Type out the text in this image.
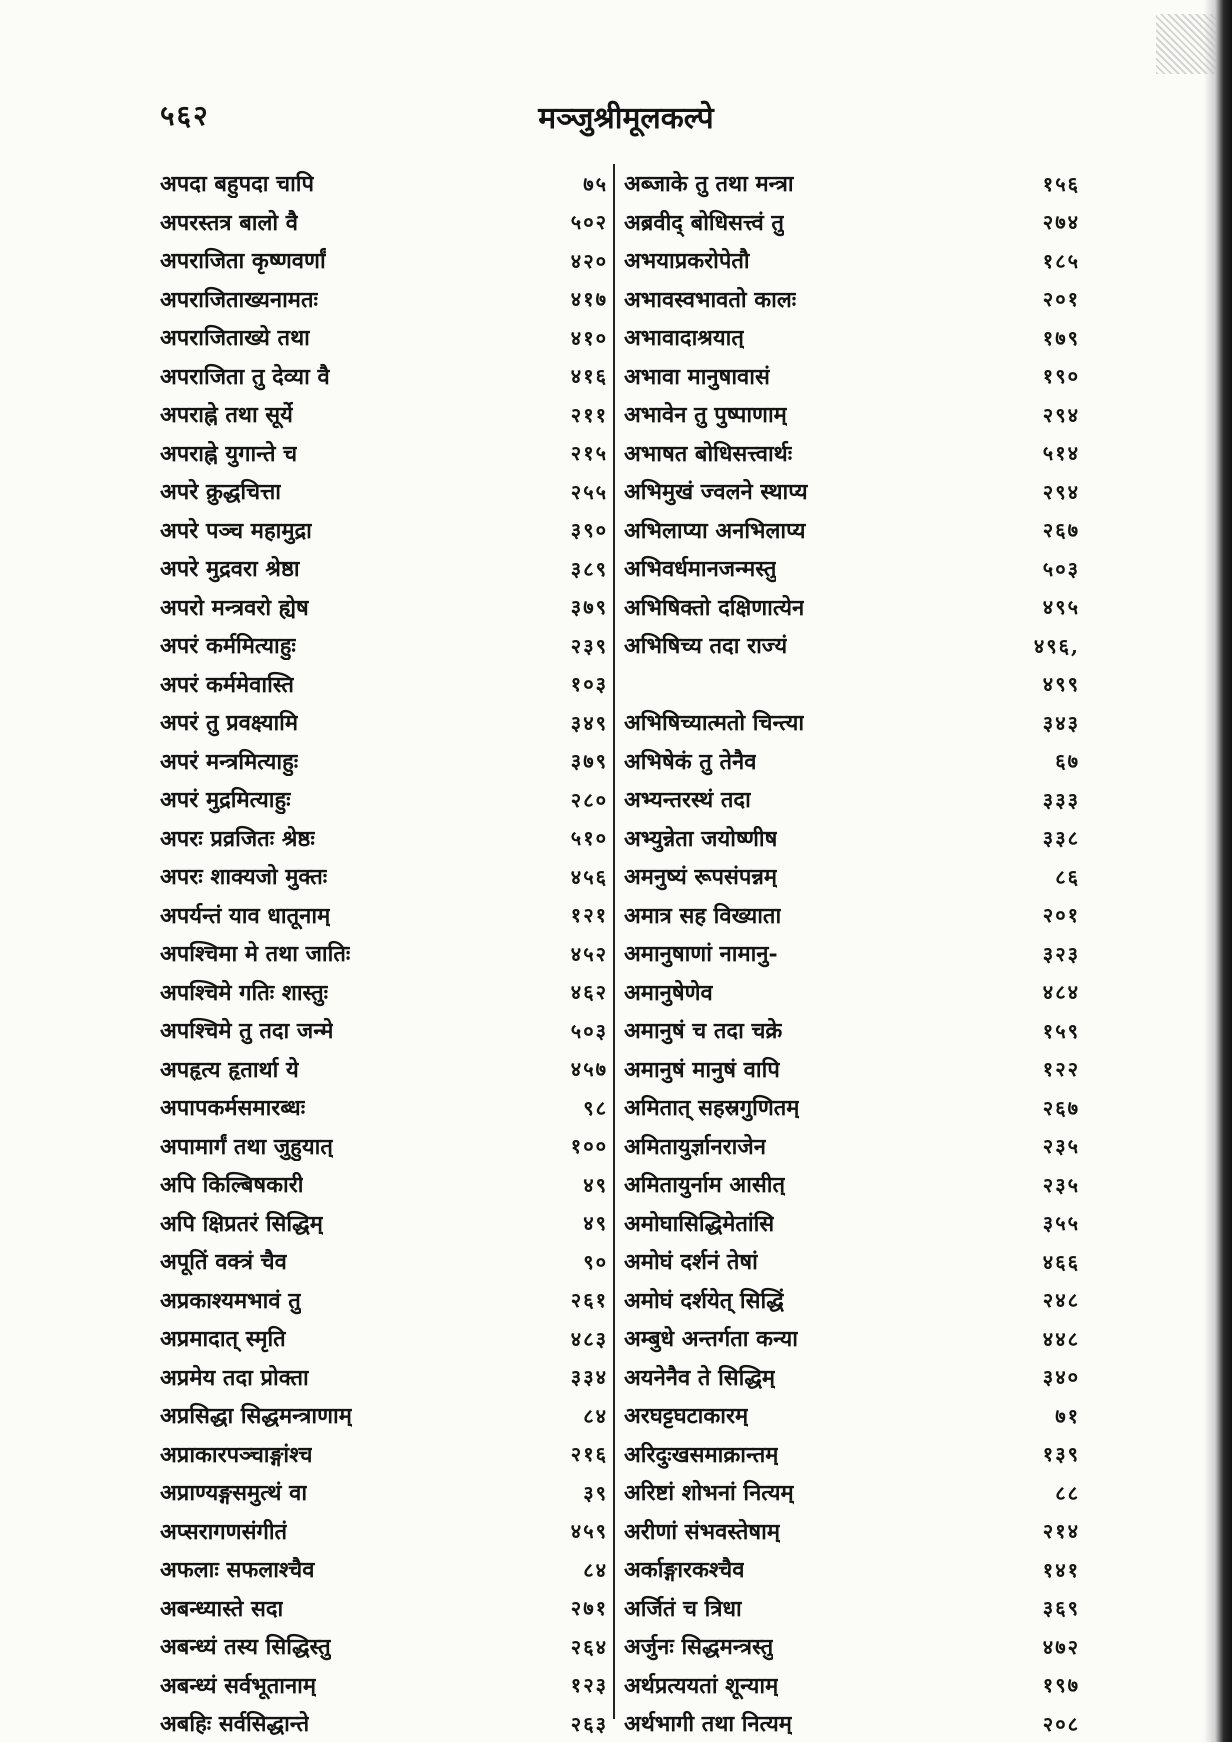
५६२	मञ्जुश्रीमूलकल्पे
अपदा बहुपदा चापि	७५
अपरस्तत्र बालो वै	५०२
अपराजिता कृष्णवर्णां	४२०
अपराजिताख्यनामतः	४१७
अपराजिताख्ये तथा	४१०
अपराजिता तु देव्या वै	४१६
अपराह्ने तथा सूर्ये	२११
अपराह्ने युगान्ते च	२१५
अपरे क्रुद्धचित्ता	२५५
अपरे पञ्च महामुद्रा	३९०
अपरे मुद्रवरा श्रेष्ठा	३८९
अपरो मन्त्रवरो ह्येष	३७९
अपरं कर्ममित्याहुः	२३९
अपरं कर्ममेवास्ति	१०३
अपरं तु प्रवक्ष्यामि	३४९
अपरं मन्त्रमित्याहुः	३७९
अपरं मुद्रमित्याहुः	२८०
अपरः प्रव्रजितः श्रेष्ठः	५१०
अपरः शाक्यजो मुक्तः	४५६
अपर्यन्तं याव धातूनाम्	१२१
अपश्चिमा मे तथा जातिः	४५२
अपश्चिमे गतिः शास्तुः	४६२
अपश्चिमे तु तदा जन्मे	५०३
अपहृत्य हृतार्था ये	४५७
अपापकर्मसमारब्धः	९८
अपामार्गं तथा जुहुयात्	१००
अपि किल्बिषकारी	४९
अपि क्षिप्रतरं सिद्धिम्	४९
अपूतिं वक्त्रं चैव	९०
अप्रकाश्यमभावं तु	२६१
अप्रमादात् स्मृति	४८३
अप्रमेय तदा प्रोक्ता	३३४
अप्रसिद्धा सिद्धमन्त्राणाम्	८४
अप्राकारपञ्चाङ्गांश्च	२१६
अप्राण्यङ्गसमुत्थं वा	३९
अप्सरागणसंगीतं	४५९
अफलाः सफलाश्चैव	८४
अबन्ध्यास्ते सदा	२७१
अबन्ध्यं तस्य सिद्धिस्तु	२६४
अबन्ध्यं सर्वभूतानाम्	१२३
अबहिः सर्वसिद्धान्ते	२६३
अब्जाके तु तथा मन्त्रा	१५६
अब्रवीद् बोधिसत्त्वं तु	२७४
अभयाप्रकरोपेतौ	१८५
अभावस्वभावतो कालः	२०१
अभावादाश्रयात्	१७९
अभावा मानुषावासं	१९०
अभावेन तु पुष्पाणाम्	२९४
अभाषत बोधिसत्त्वार्थः	५१४
अभिमुखं ज्वलने स्थाप्य	२९४
अभिलाप्या अनभिलाप्य	२६७
अभिवर्धमानजन्मस्तु	५०३
अभिषिक्तो दक्षिणात्येन	४९५
अभिषिच्य तदा राज्यं	४९६,
४९९
अभिषिच्यात्मतो चिन्त्या	३४३
अभिषेकं तु तेनैव	६७
अभ्यन्तरस्थं तदा	३३३
अभ्युन्नेता जयोष्णीष	३३८
अमनुष्यं रूपसंपन्नम्	८६
अमात्र सह विख्याता	२०१
अमानुषाणां नामानु-	३२३
अमानुषेणेव	४८४
अमानुषं च तदा चक्रे	१५९
अमानुषं मानुषं वापि	१२२
अमितात् सहस्रगुणितम्	२६७
अमितायुर्ज्ञानराजेन	२३५
अमितायुर्नाम आसीत्	२३५
अमोघासिद्धिमेतांसि	३५५
अमोघं दर्शनं तेषां	४६६
अमोघं दर्शयेत् सिद्धिं	२४८
अम्बुधे अन्तर्गता कन्या	४४८
अयनेनैव ते सिद्धिम्	३४०
अरघट्टघटाकारम्	७१
अरिदुःखसमाक्रान्तम्	१३९
अरिष्टां शोभनां नित्यम्	८८
अरीणां संभवस्तेषाम्	२१४
अर्काङ्गारकश्चैव	१४१
अर्जितं च त्रिधा	३६९
अर्जुनः सिद्धमन्त्रस्तु	४७२
अर्थप्रत्ययतां शून्याम्	१९७
अर्थभागी तथा नित्यम्	२०८
